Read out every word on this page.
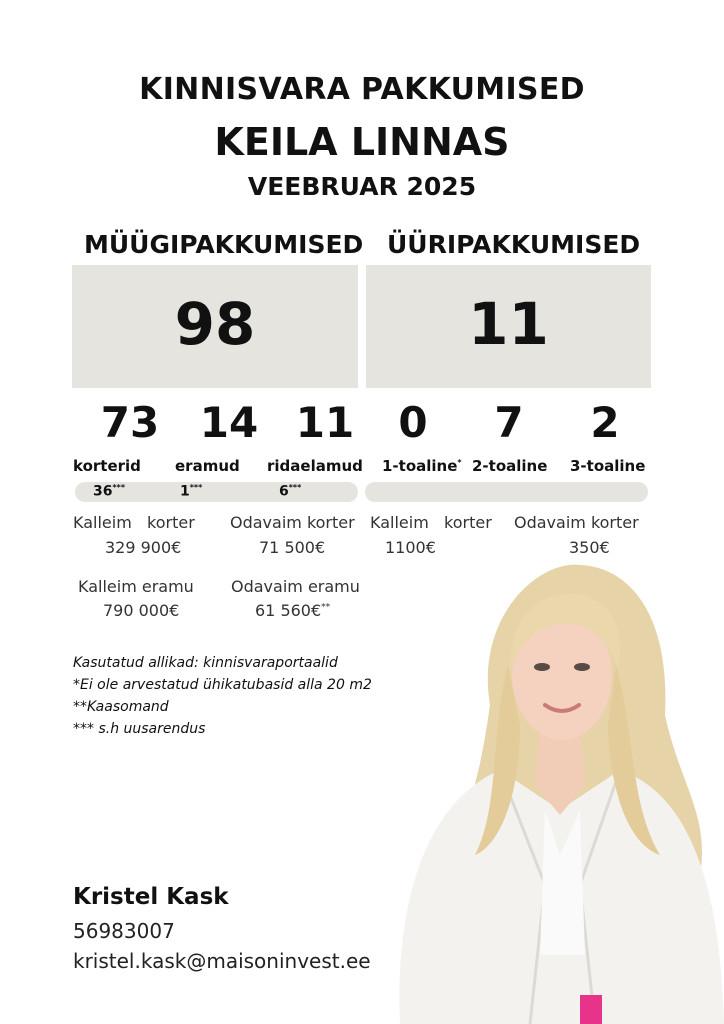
KINNISVARA PAKKUMISED
KEILA LINNAS
VEEBRUAR 2025
MÜÜGIPAKKUMISED ÜÜRIPAKKUMISED
98	11
73 14 11	0	7	2
korterid eramud ridaelamud 1-toaline* 2-toaline 3-toaline
36***	1***	6***
Kalleim   korter
329 900€
Odavaim korter
71 500€
Kalleim eramu
790 000€
Odavaim eramu
61 560€**
Kalleim   korter
1100€
Odavaim korter
350€
Kasutatud allikad: kinnisvaraportaalid
*Ei ole arvestatud ühikatubasid alla 20 m2
**Kaasomand
*** s.h uusarendus
Kristel Kask
56983007
kristel.kask@maisoninvest.ee
